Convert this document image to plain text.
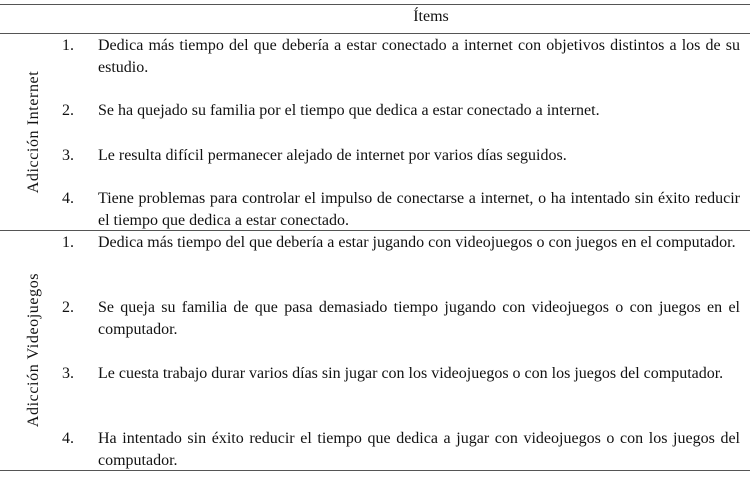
Ítems
Adicción Internet
1.	Dedica más tiempo del que debería a estar conectado a internet con objetivos distintos a los de su estudio.
2.	Se ha quejado su familia por el tiempo que dedica a estar conectado a internet.
3.	Le resulta difícil permanecer alejado de internet por varios días seguidos.
4.	Tiene problemas para controlar el impulso de conectarse a internet, o ha intentado sin éxito reducir el tiempo que dedica a estar conectado.
Adicción Videojuegos
1.	Dedica más tiempo del que debería a estar jugando con videojuegos o con juegos en el computador.
2.	Se queja su familia de que pasa demasiado tiempo jugando con videojuegos o con juegos en el computador.
3.	Le cuesta trabajo durar varios días sin jugar con los videojuegos o con los juegos del computador.
4.	Ha intentado sin éxito reducir el tiempo que dedica a jugar con videojuegos o con los juegos del computador.
